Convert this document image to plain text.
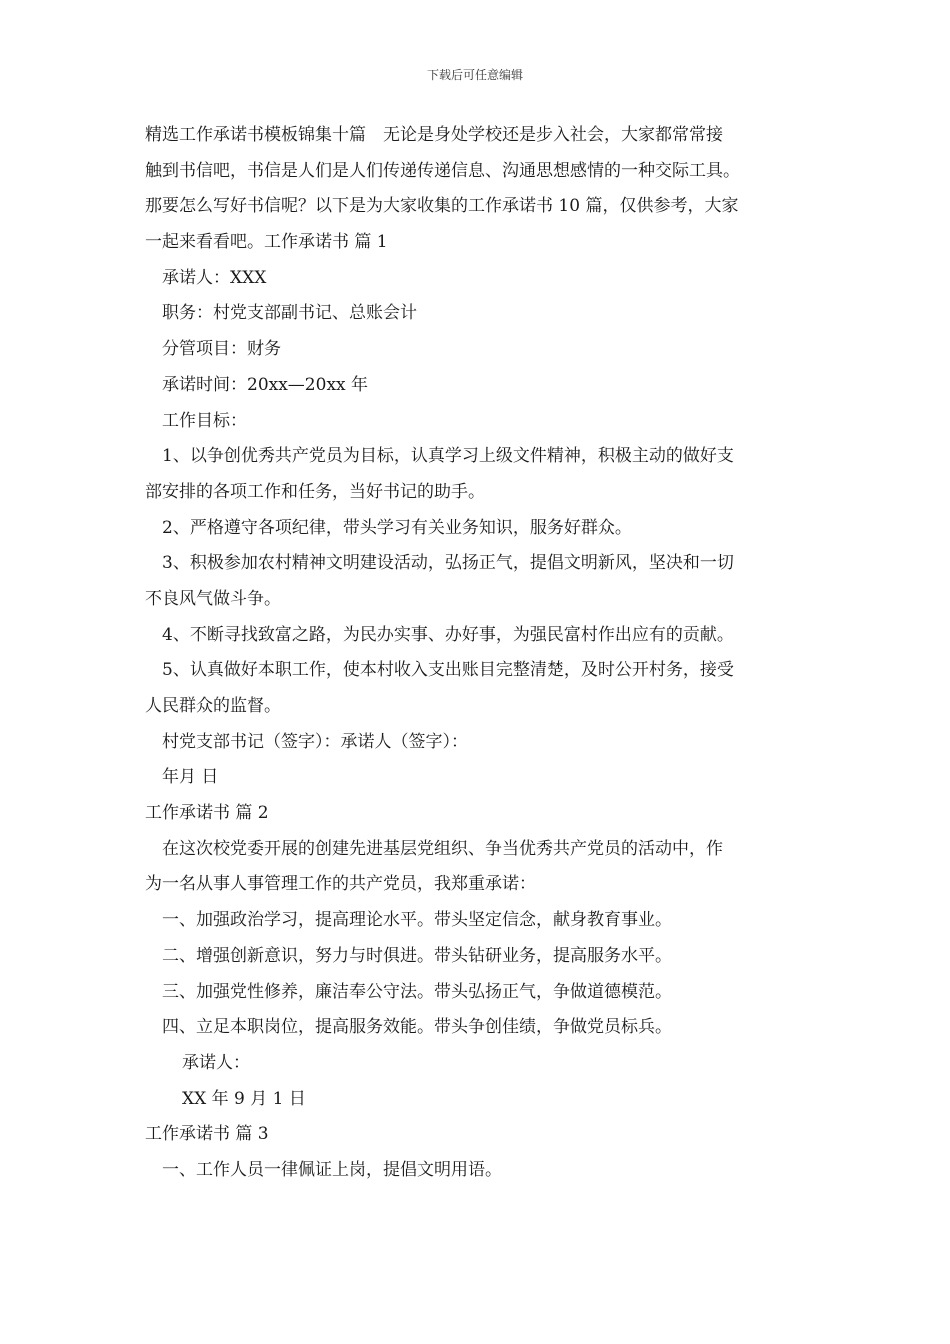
下载后可任意编辑
精选工作承诺书模板锦集十篇　无论是身处学校还是步入社会，大家都常常接
触到书信吧，书信是人们是人们传递传递信息、沟通思想感情的一种交际工具。
那要怎么写好书信呢？以下是为大家收集的工作承诺书 10 篇，仅供参考，大家
一起来看看吧。工作承诺书 篇 1
承诺人：XXX
职务：村党支部副书记、总账会计
分管项目：财务
承诺时间：20xx—20xx 年
工作目标：
1、以争创优秀共产党员为目标，认真学习上级文件精神，积极主动的做好支
部安排的各项工作和任务，当好书记的助手。
2、严格遵守各项纪律，带头学习有关业务知识，服务好群众。
3、积极参加农村精神文明建设活动，弘扬正气，提倡文明新风，坚决和一切
不良风气做斗争。
4、不断寻找致富之路，为民办实事、办好事，为强民富村作出应有的贡献。
5、认真做好本职工作，使本村收入支出账目完整清楚，及时公开村务，接受
人民群众的监督。
村党支部书记（签字）：承诺人（签字）：
年月 日
工作承诺书 篇 2
在这次校党委开展的创建先进基层党组织、争当优秀共产党员的活动中，作
为一名从事人事管理工作的共产党员，我郑重承诺：
一、加强政治学习，提高理论水平。带头坚定信念，献身教育事业。
二、增强创新意识，努力与时俱进。带头钻研业务，提高服务水平。
三、加强党性修养，廉洁奉公守法。带头弘扬正气，争做道德模范。
四、立足本职岗位，提高服务效能。带头争创佳绩，争做党员标兵。
承诺人：
XX 年 9 月 1 日
工作承诺书 篇 3
一、工作人员一律佩证上岗，提倡文明用语。
